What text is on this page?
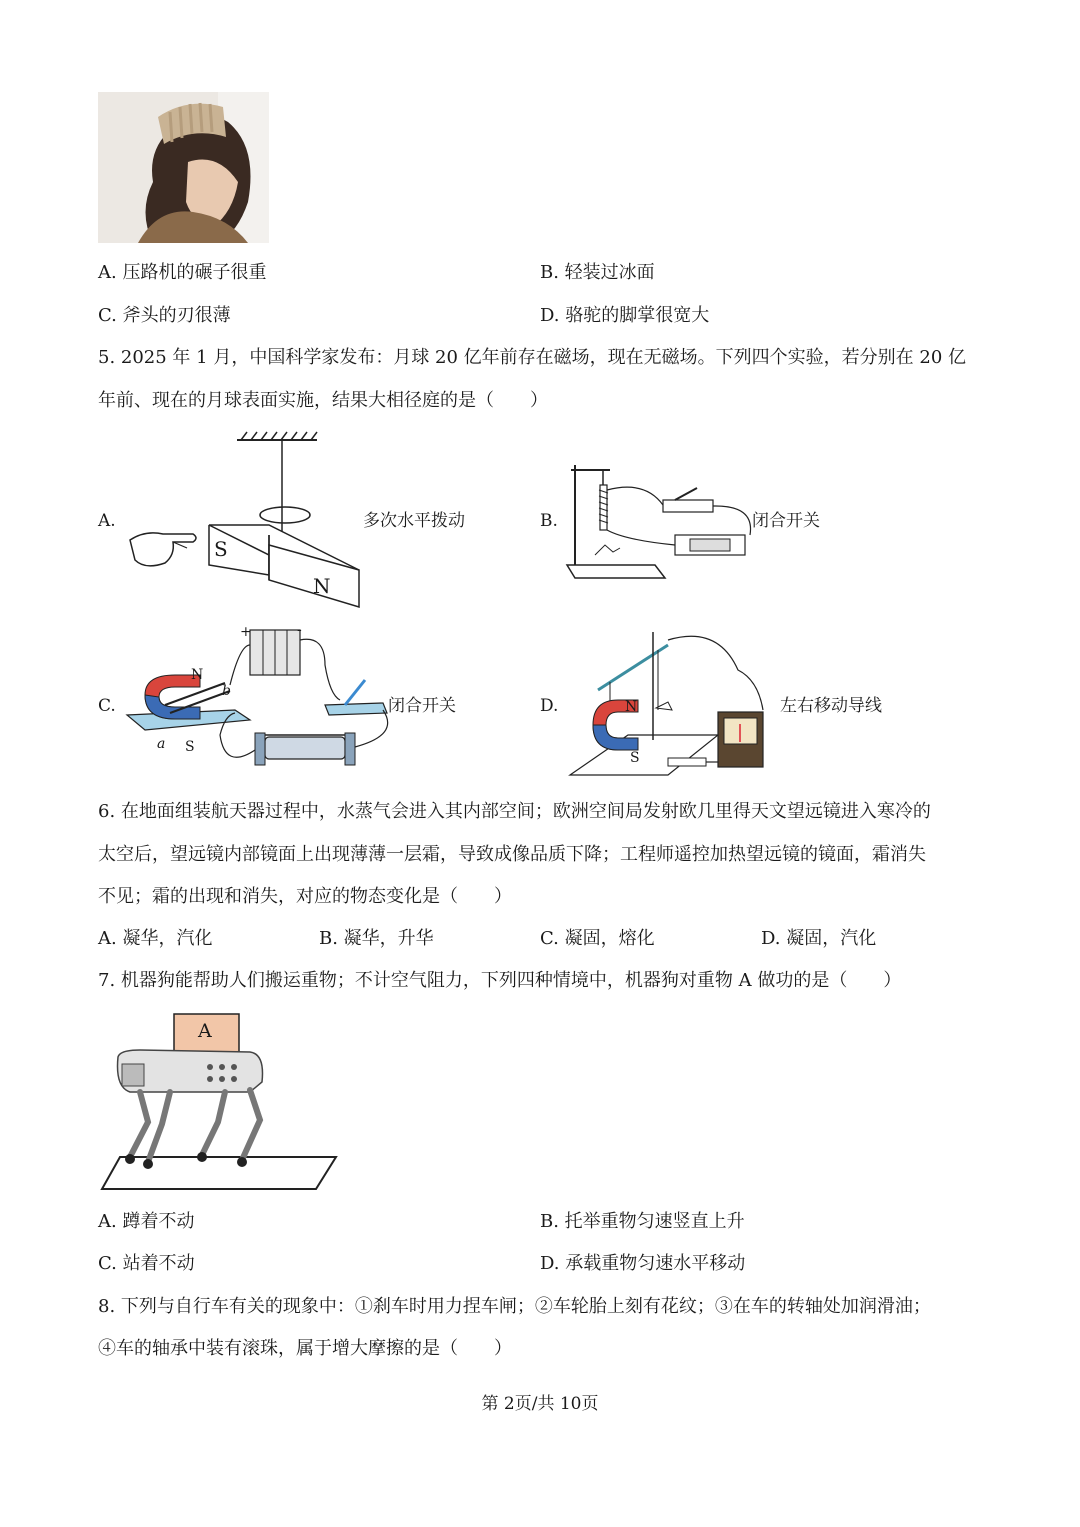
A. 压路机的碾子很重	B. 轻装过冰面
C. 斧头的刃很薄	D. 骆驼的脚掌很宽大
5. 2025 年 1 月，中国科学家发布：月球 20 亿年前存在磁场，现在无磁场。下列四个实验，若分别在 20 亿
年前、现在的月球表面实施，结果大相径庭的是（　　）
A.
S
N
多次水平拨动	B.	闭合开关
C.
N
S
a
b
+	-
闭合开关	D.	N
S
左右移动导线
6. 在地面组装航天器过程中，水蒸气会进入其内部空间；欧洲空间局发射欧几里得天文望远镜进入寒冷的
太空后，望远镜内部镜面上出现薄薄一层霜，导致成像品质下降；工程师遥控加热望远镜的镜面，霜消失
不见；霜的出现和消失，对应的物态变化是（　　）
A. 凝华，汽化	B. 凝华，升华	C. 凝固，熔化	D. 凝固，汽化
7. 机器狗能帮助人们搬运重物；不计空气阻力，下列四种情境中，机器狗对重物 A 做功的是（　　）
A
A. 蹲着不动	B. 托举重物匀速竖直上升
C. 站着不动	D. 承载重物匀速水平移动
8. 下列与自行车有关的现象中：①刹车时用力捏车闸；②车轮胎上刻有花纹；③在车的转轴处加润滑油；
④车的轴承中装有滚珠，属于增大摩擦的是（　　）
第 2页/共 10页
